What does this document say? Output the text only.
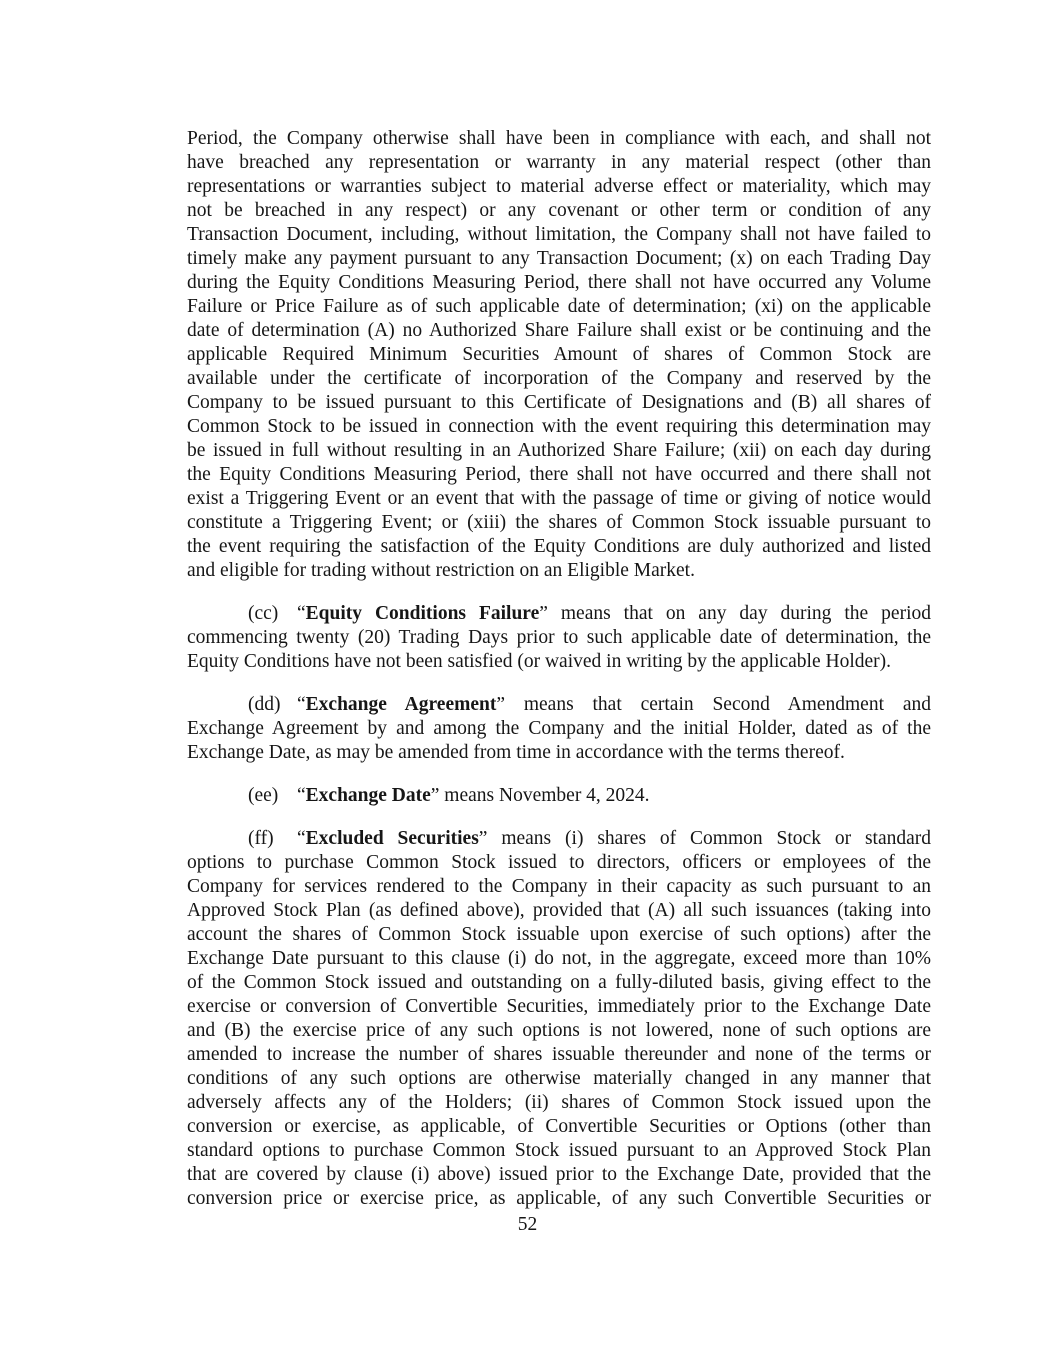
Period, the Company otherwise shall have been in compliance with each, and shall not
have breached any representation or warranty in any material respect (other than
representations or warranties subject to material adverse effect or materiality, which may
not be breached in any respect) or any covenant or other term or condition of any
Transaction Document, including, without limitation, the Company shall not have failed to
timely make any payment pursuant to any Transaction Document; (x) on each Trading Day
during the Equity Conditions Measuring Period, there shall not have occurred any Volume
Failure or Price Failure as of such applicable date of determination; (xi) on the applicable
date of determination (A) no Authorized Share Failure shall exist or be continuing and the
applicable Required Minimum Securities Amount of shares of Common Stock are
available under the certificate of incorporation of the Company and reserved by the
Company to be issued pursuant to this Certificate of Designations and (B) all shares of
Common Stock to be issued in connection with the event requiring this determination may
be issued in full without resulting in an Authorized Share Failure; (xii) on each day during
the Equity Conditions Measuring Period, there shall not have occurred and there shall not
exist a Triggering Event or an event that with the passage of time or giving of notice would
constitute a Triggering Event; or (xiii) the shares of Common Stock issuable pursuant to
the event requiring the satisfaction of the Equity Conditions are duly authorized and listed
and eligible for trading without restriction on an Eligible Market.
(cc) “Equity Conditions Failure” means that on any day during the period
commencing twenty (20) Trading Days prior to such applicable date of determination, the
Equity Conditions have not been satisfied (or waived in writing by the applicable Holder).
(dd) “Exchange Agreement” means that certain Second Amendment and
Exchange Agreement by and among the Company and the initial Holder, dated as of the
Exchange Date, as may be amended from time in accordance with the terms thereof.
(ee) “Exchange Date” means November 4, 2024.
(ff) “Excluded Securities” means (i) shares of Common Stock or standard
options to purchase Common Stock issued to directors, officers or employees of the
Company for services rendered to the Company in their capacity as such pursuant to an
Approved Stock Plan (as defined above), provided that (A) all such issuances (taking into
account the shares of Common Stock issuable upon exercise of such options) after the
Exchange Date pursuant to this clause (i) do not, in the aggregate, exceed more than 10%
of the Common Stock issued and outstanding on a fully-diluted basis, giving effect to the
exercise or conversion of Convertible Securities, immediately prior to the Exchange Date
and (B) the exercise price of any such options is not lowered, none of such options are
amended to increase the number of shares issuable thereunder and none of the terms or
conditions of any such options are otherwise materially changed in any manner that
adversely affects any of the Holders; (ii) shares of Common Stock issued upon the
conversion or exercise, as applicable, of Convertible Securities or Options (other than
standard options to purchase Common Stock issued pursuant to an Approved Stock Plan
that are covered by clause (i) above) issued prior to the Exchange Date, provided that the
conversion price or exercise price, as applicable, of any such Convertible Securities or
52
